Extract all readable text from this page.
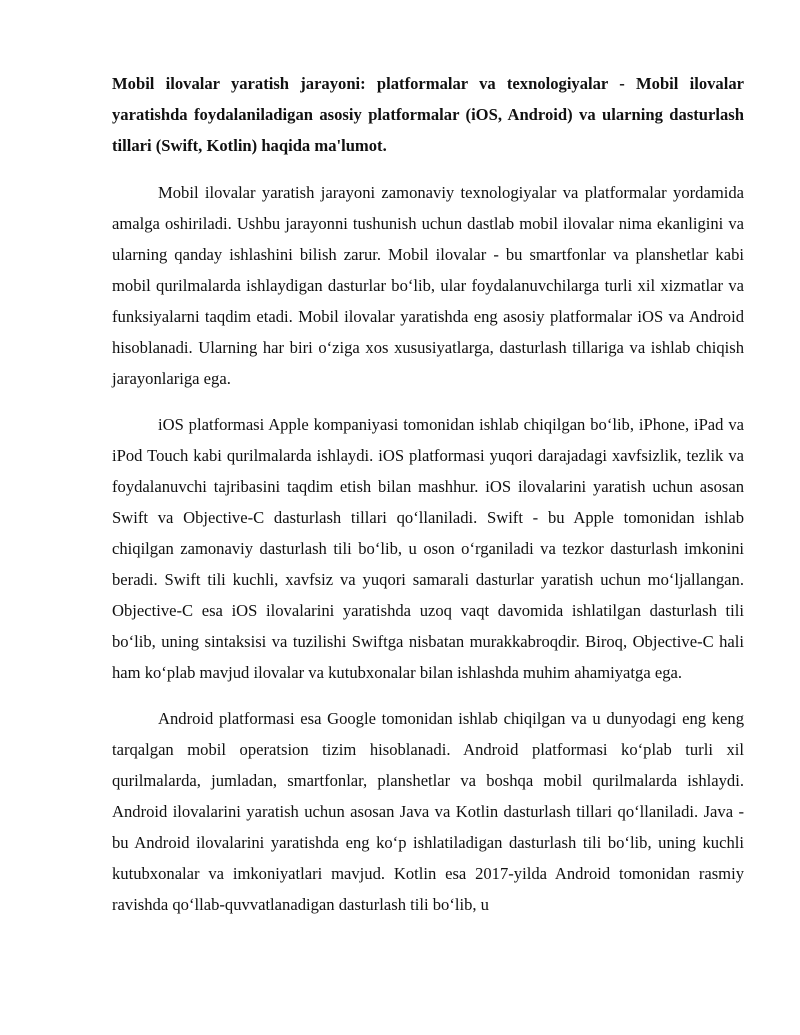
Mobil ilovalar yaratish jarayoni: platformalar va texnologiyalar - Mobil ilovalar yaratishda foydalaniladigan asosiy platformalar (iOS, Android) va ularning dasturlash tillari (Swift, Kotlin) haqida ma'lumot.

Mobil ilovalar yaratish jarayoni zamonaviy texnologiyalar va platformalar yordamida amalga oshiriladi. Ushbu jarayonni tushunish uchun dastlab mobil ilovalar nima ekanligini va ularning qanday ishlashini bilish zarur. Mobil ilovalar - bu smartfonlar va planshetlar kabi mobil qurilmalarda ishlaydigan dasturlar bo‘lib, ular foydalanuvchilarga turli xil xizmatlar va funksiyalarni taqdim etadi. Mobil ilovalar yaratishda eng asosiy platformalar iOS va Android hisoblanadi. Ularning har biri o‘ziga xos xususiyatlarga, dasturlash tillariga va ishlab chiqish jarayonlariga ega.

iOS platformasi Apple kompaniyasi tomonidan ishlab chiqilgan bo‘lib, iPhone, iPad va iPod Touch kabi qurilmalarda ishlaydi. iOS platformasi yuqori darajadagi xavfsizlik, tezlik va foydalanuvchi tajribasini taqdim etish bilan mashhur. iOS ilovalarini yaratish uchun asosan Swift va Objective-C dasturlash tillari qo‘llaniladi. Swift - bu Apple tomonidan ishlab chiqilgan zamonaviy dasturlash tili bo‘lib, u oson o‘rganiladi va tezkor dasturlash imkonini beradi. Swift tili kuchli, xavfsiz va yuqori samarali dasturlar yaratish uchun mo‘ljallangan. Objective-C esa iOS ilovalarini yaratishda uzoq vaqt davomida ishlatilgan dasturlash tili bo‘lib, uning sintaksisi va tuzilishi Swiftga nisbatan murakkabroqdir. Biroq, Objective-C hali ham ko‘plab mavjud ilovalar va kutubxonalar bilan ishlashda muhim ahamiyatga ega.

Android platformasi esa Google tomonidan ishlab chiqilgan va u dunyodagi eng keng tarqalgan mobil operatsion tizim hisoblanadi. Android platformasi ko‘plab turli xil qurilmalarda, jumladan, smartfonlar, planshetlar va boshqa mobil qurilmalarda ishlaydi. Android ilovalarini yaratish uchun asosan Java va Kotlin dasturlash tillari qo‘llaniladi. Java - bu Android ilovalarini yaratishda eng ko‘p ishlatiladigan dasturlash tili bo‘lib, uning kuchli kutubxonalar va imkoniyatlari mavjud. Kotlin esa 2017-yilda Android tomonidan rasmiy ravishda qo‘llab-quvvatlanadigan dasturlash tili bo‘lib, u
